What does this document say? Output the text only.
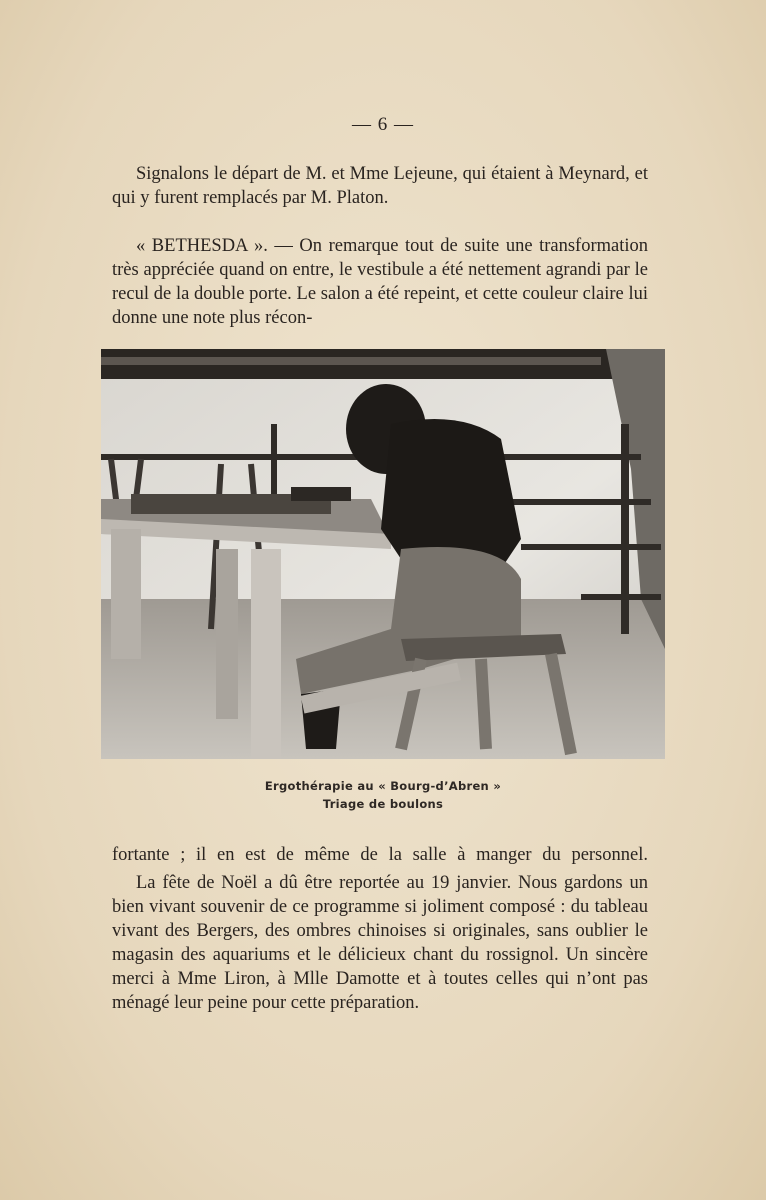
— 6 —

Signalons le départ de M. et Mme Lejeune, qui étaient à Meynard, et qui y furent remplacés par M. Platon.

« BETHESDA ». — On remarque tout de suite une transformation très appréciée quand on entre, le vestibule a été nettement agrandi par le recul de la double porte. Le salon a été repeint, et cette couleur claire lui donne une note plus récon-

Ergothérapie au « Bourg-d’Abren »
Triage de boulons

fortante ; il en est de même de la salle à manger du personnel.

La fête de Noël a dû être reportée au 19 janvier. Nous gardons un bien vivant souvenir de ce programme si joliment composé : du tableau vivant des Bergers, des ombres chinoises si originales, sans oublier le magasin des aquariums et le délicieux chant du rossignol. Un sincère merci à Mme Liron, à Mlle Damotte et à toutes celles qui n’ont pas ménagé leur peine pour cette préparation.
